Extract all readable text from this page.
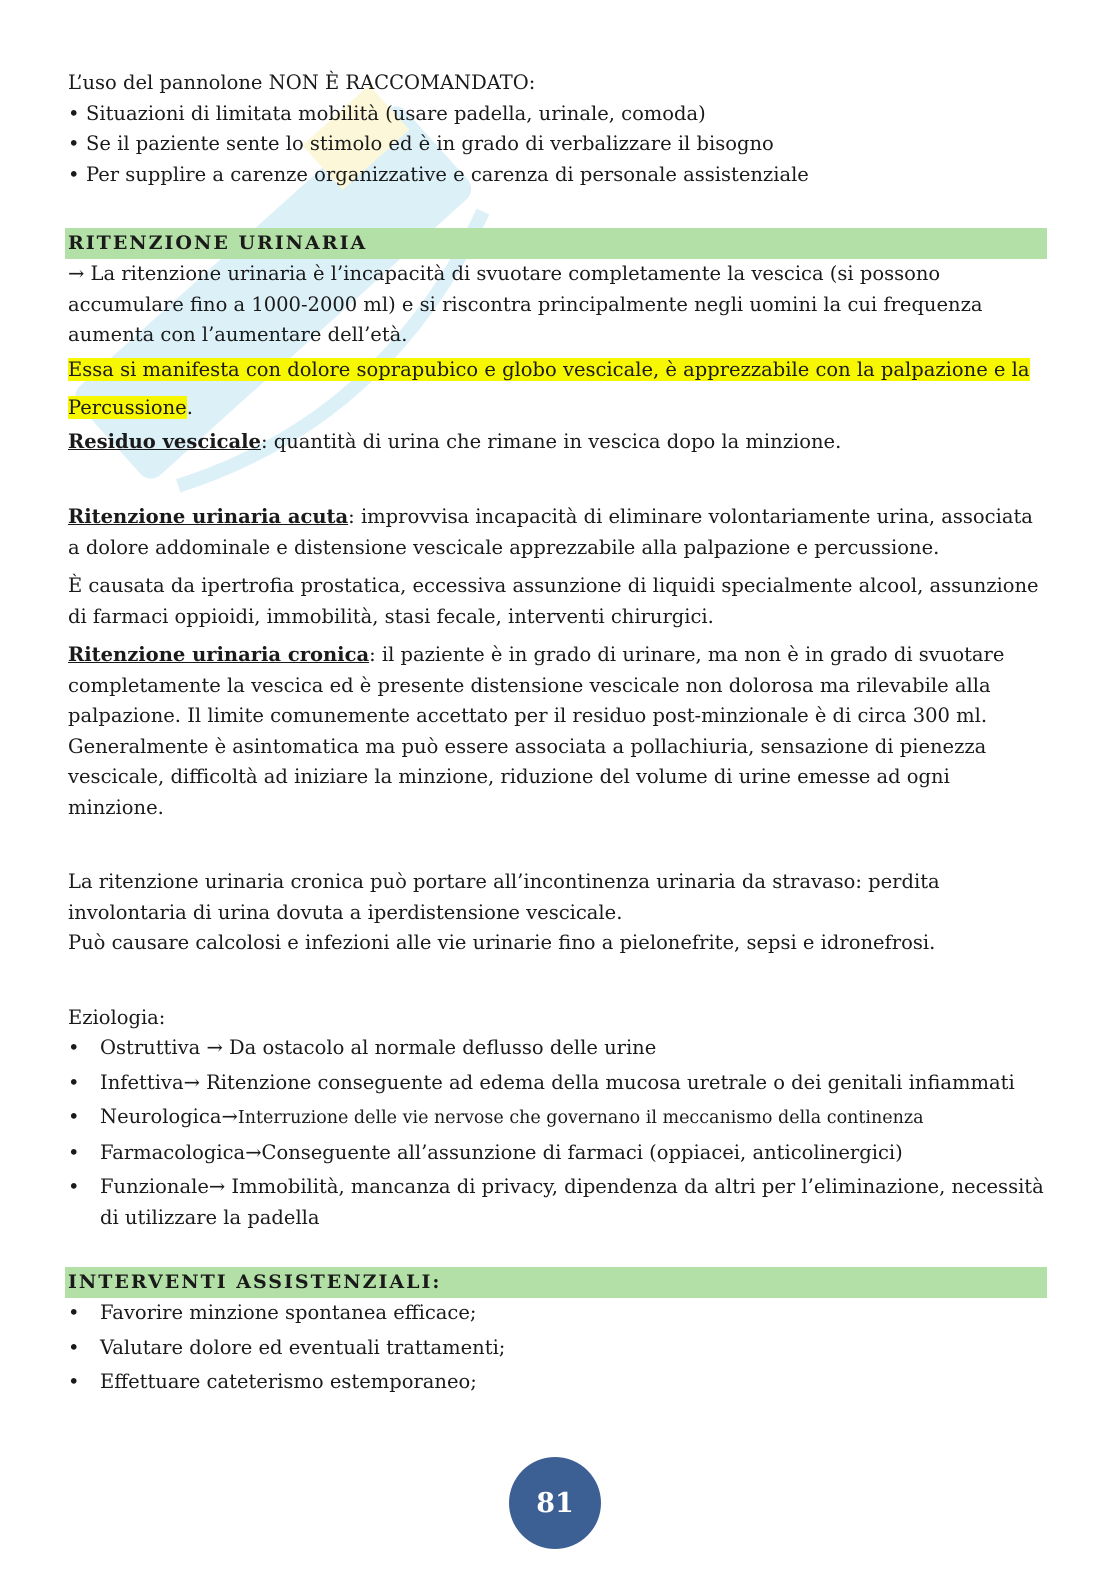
L’uso del pannolone NON È RACCOMANDATO:

• Situazioni di limitata mobilità (usare padella, urinale, comoda)

• Se il paziente sente lo stimolo ed è in grado di verbalizzare il bisogno

• Per supplire a carenze organizzative e carenza di personale assistenziale

RITENZIONE URINARIA

→ La ritenzione urinaria è l’incapacità di svuotare completamente la vescica (si possono accumulare fino a 1000-2000 ml) e si riscontra principalmente negli uomini la cui frequenza aumenta con l’aumentare dell’età.

Essa si manifesta con dolore soprapubico e globo vescicale, è apprezzabile con la palpazione e la Percussione.

Residuo vescicale: quantità di urina che rimane in vescica dopo la minzione.

Ritenzione urinaria acuta: improvvisa incapacità di eliminare volontariamente urina, associata a dolore addominale e distensione vescicale apprezzabile alla palpazione e percussione.

È causata da ipertrofia prostatica, eccessiva assunzione di liquidi specialmente alcool, assunzione di farmaci oppioidi, immobilità, stasi fecale, interventi chirurgici.

Ritenzione urinaria cronica: il paziente è in grado di urinare, ma non è in grado di svuotare completamente la vescica ed è presente distensione vescicale non dolorosa ma rilevabile alla palpazione. Il limite comunemente accettato per il residuo post-minzionale è di circa 300 ml. Generalmente è asintomatica ma può essere associata a pollachiuria, sensazione di pienezza vescicale, difficoltà ad iniziare la minzione, riduzione del volume di urine emesse ad ogni minzione.

La ritenzione urinaria cronica può portare all’incontinenza urinaria da stravaso: perdita involontaria di urina dovuta a iperdistensione vescicale.

Può causare calcolosi e infezioni alle vie urinarie fino a pielonefrite, sepsi e idronefrosi.

Eziologia:

• Ostruttiva → Da ostacolo al normale deflusso delle urine
• Infettiva→ Ritenzione conseguente ad edema della mucosa uretrale o dei genitali infiammati
• Neurologica→Interruzione delle vie nervose che governano il meccanismo della continenza
• Farmacologica→Conseguente all’assunzione di farmaci (oppiacei, anticolinergici)
• Funzionale→ Immobilità, mancanza di privacy, dipendenza da altri per l’eliminazione, necessità di utilizzare la padella
INTERVENTI ASSISTENZIALI:
• Favorire minzione spontanea efficace;
• Valutare dolore ed eventuali trattamenti;
• Effettuare cateterismo estemporaneo;
81
